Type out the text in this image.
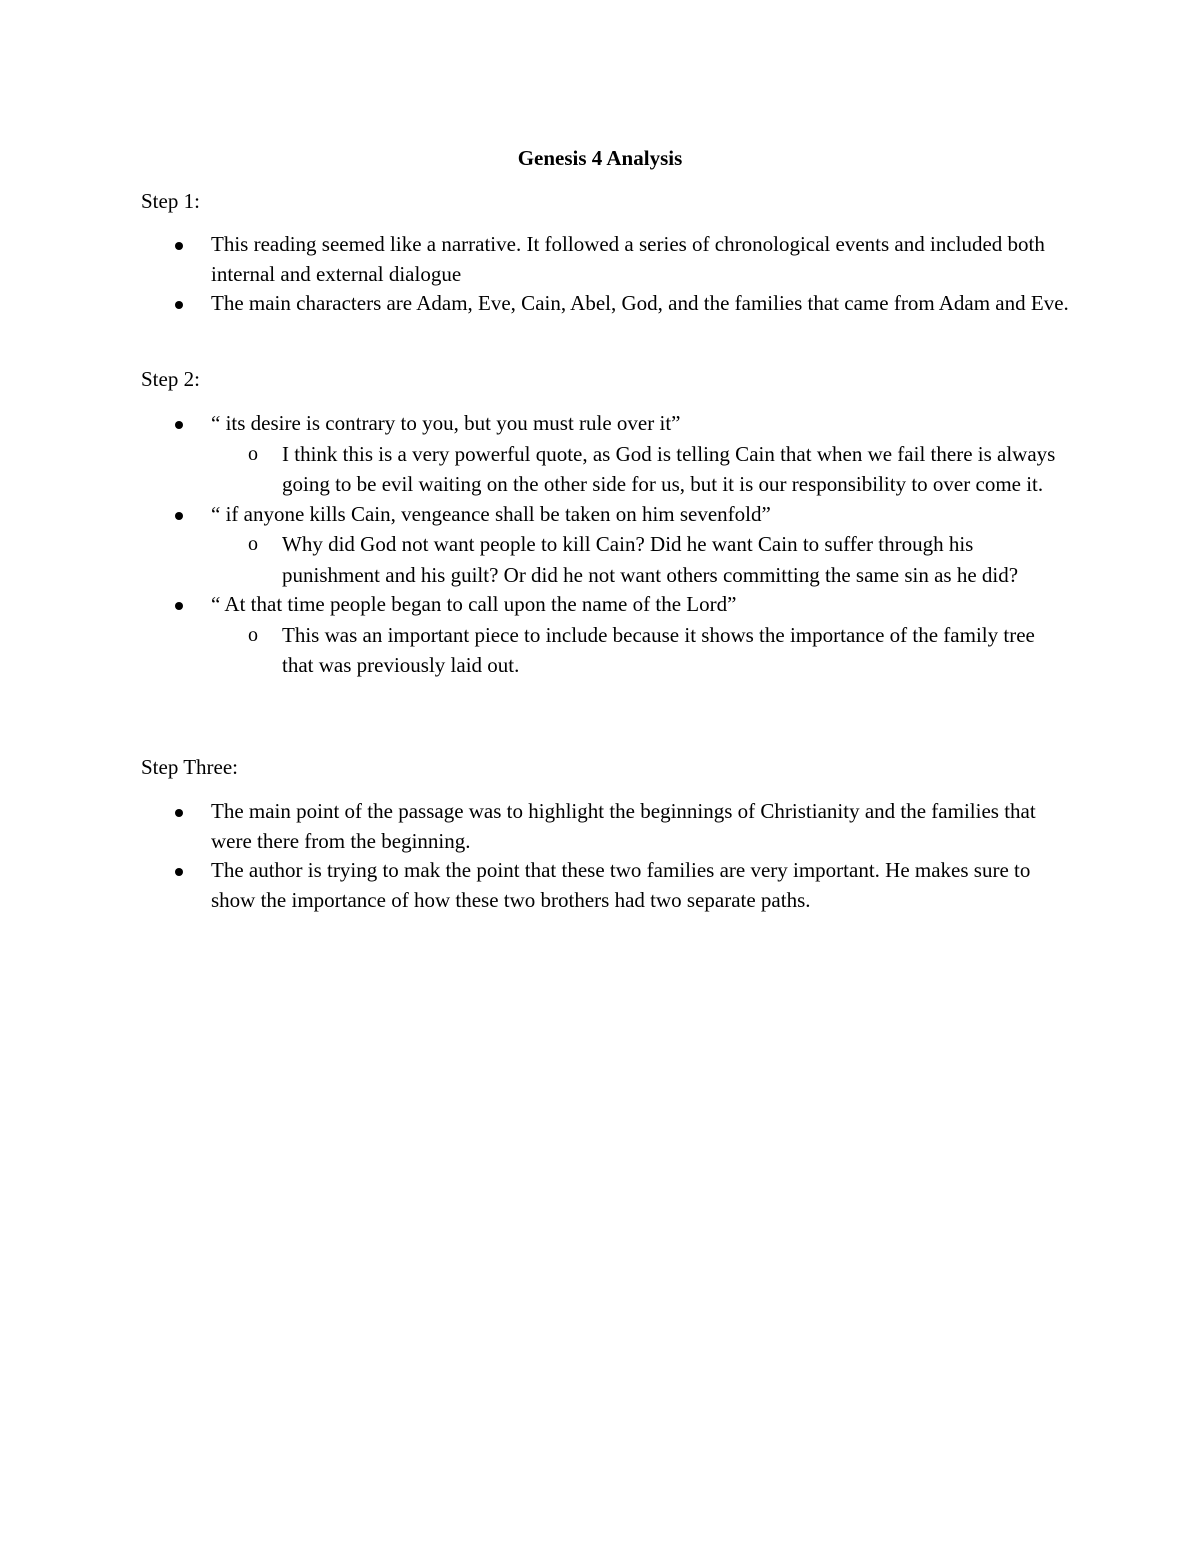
Genesis 4 Analysis
Step 1:
This reading seemed like a narrative. It followed a series of chronological events and included both internal and external dialogue
The main characters are Adam, Eve, Cain, Abel, God, and the families that came from Adam and Eve.
Step 2:
“ its desire is contrary to you, but you must rule over it”
o I think this is a very powerful quote, as God is telling Cain that when we fail there is always going to be evil waiting on the other side for us, but it is our responsibility to over come it.
“ if anyone kills Cain, vengeance shall be taken on him sevenfold”
o Why did God not want people to kill Cain? Did he want Cain to suffer through his punishment and his guilt? Or did he not want others committing the same sin as he did?
“ At that time people began to call upon the name of the Lord”
o This was an important piece to include because it shows the importance of the family tree that was previously laid out.
Step Three:
The main point of the passage was to highlight the beginnings of Christianity and the families that were there from the beginning.
The author is trying to mak the point that these two families are very important. He makes sure to show the importance of how these two brothers had two separate paths.
